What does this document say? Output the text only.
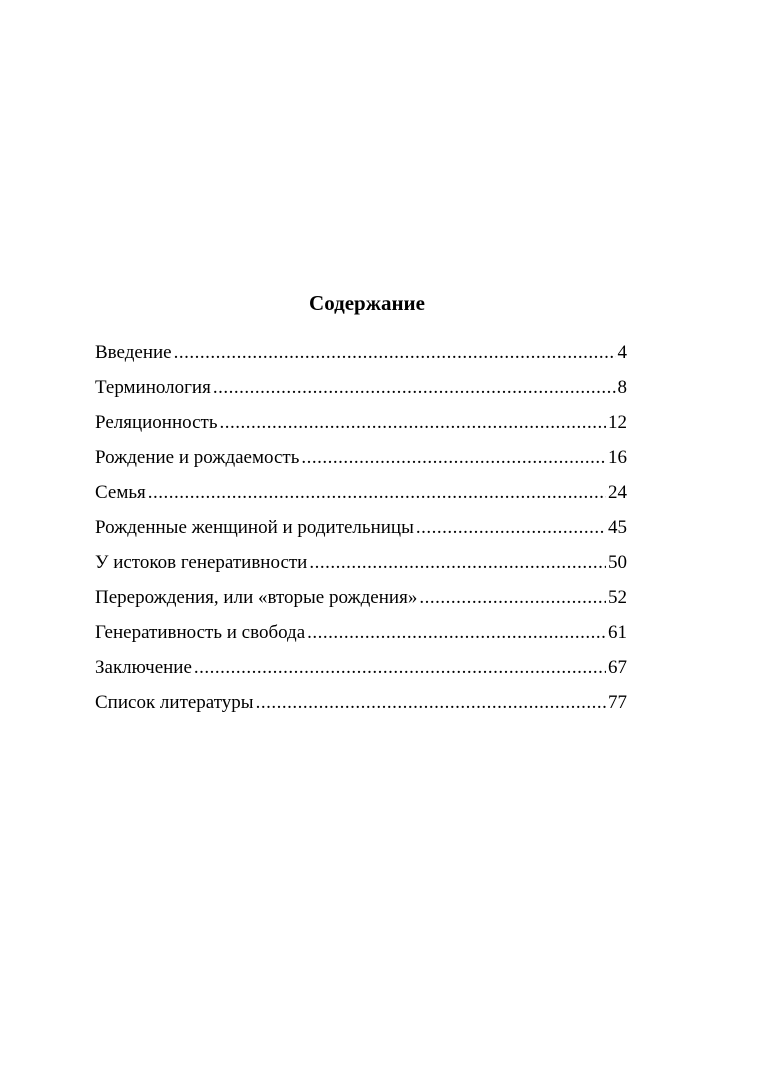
Содержание
Введение .....	4
Терминология .....	8
Реляционность .....	12
Рождение и рождаемость .....	16
Семья .....	24
Рожденные женщиной и родительницы .....	45
У истоков генеративности .....	50
Перерождения, или «вторые рождения» .....	52
Генеративность и свобода .....	61
Заключение .....	67
Список литературы .....	77
